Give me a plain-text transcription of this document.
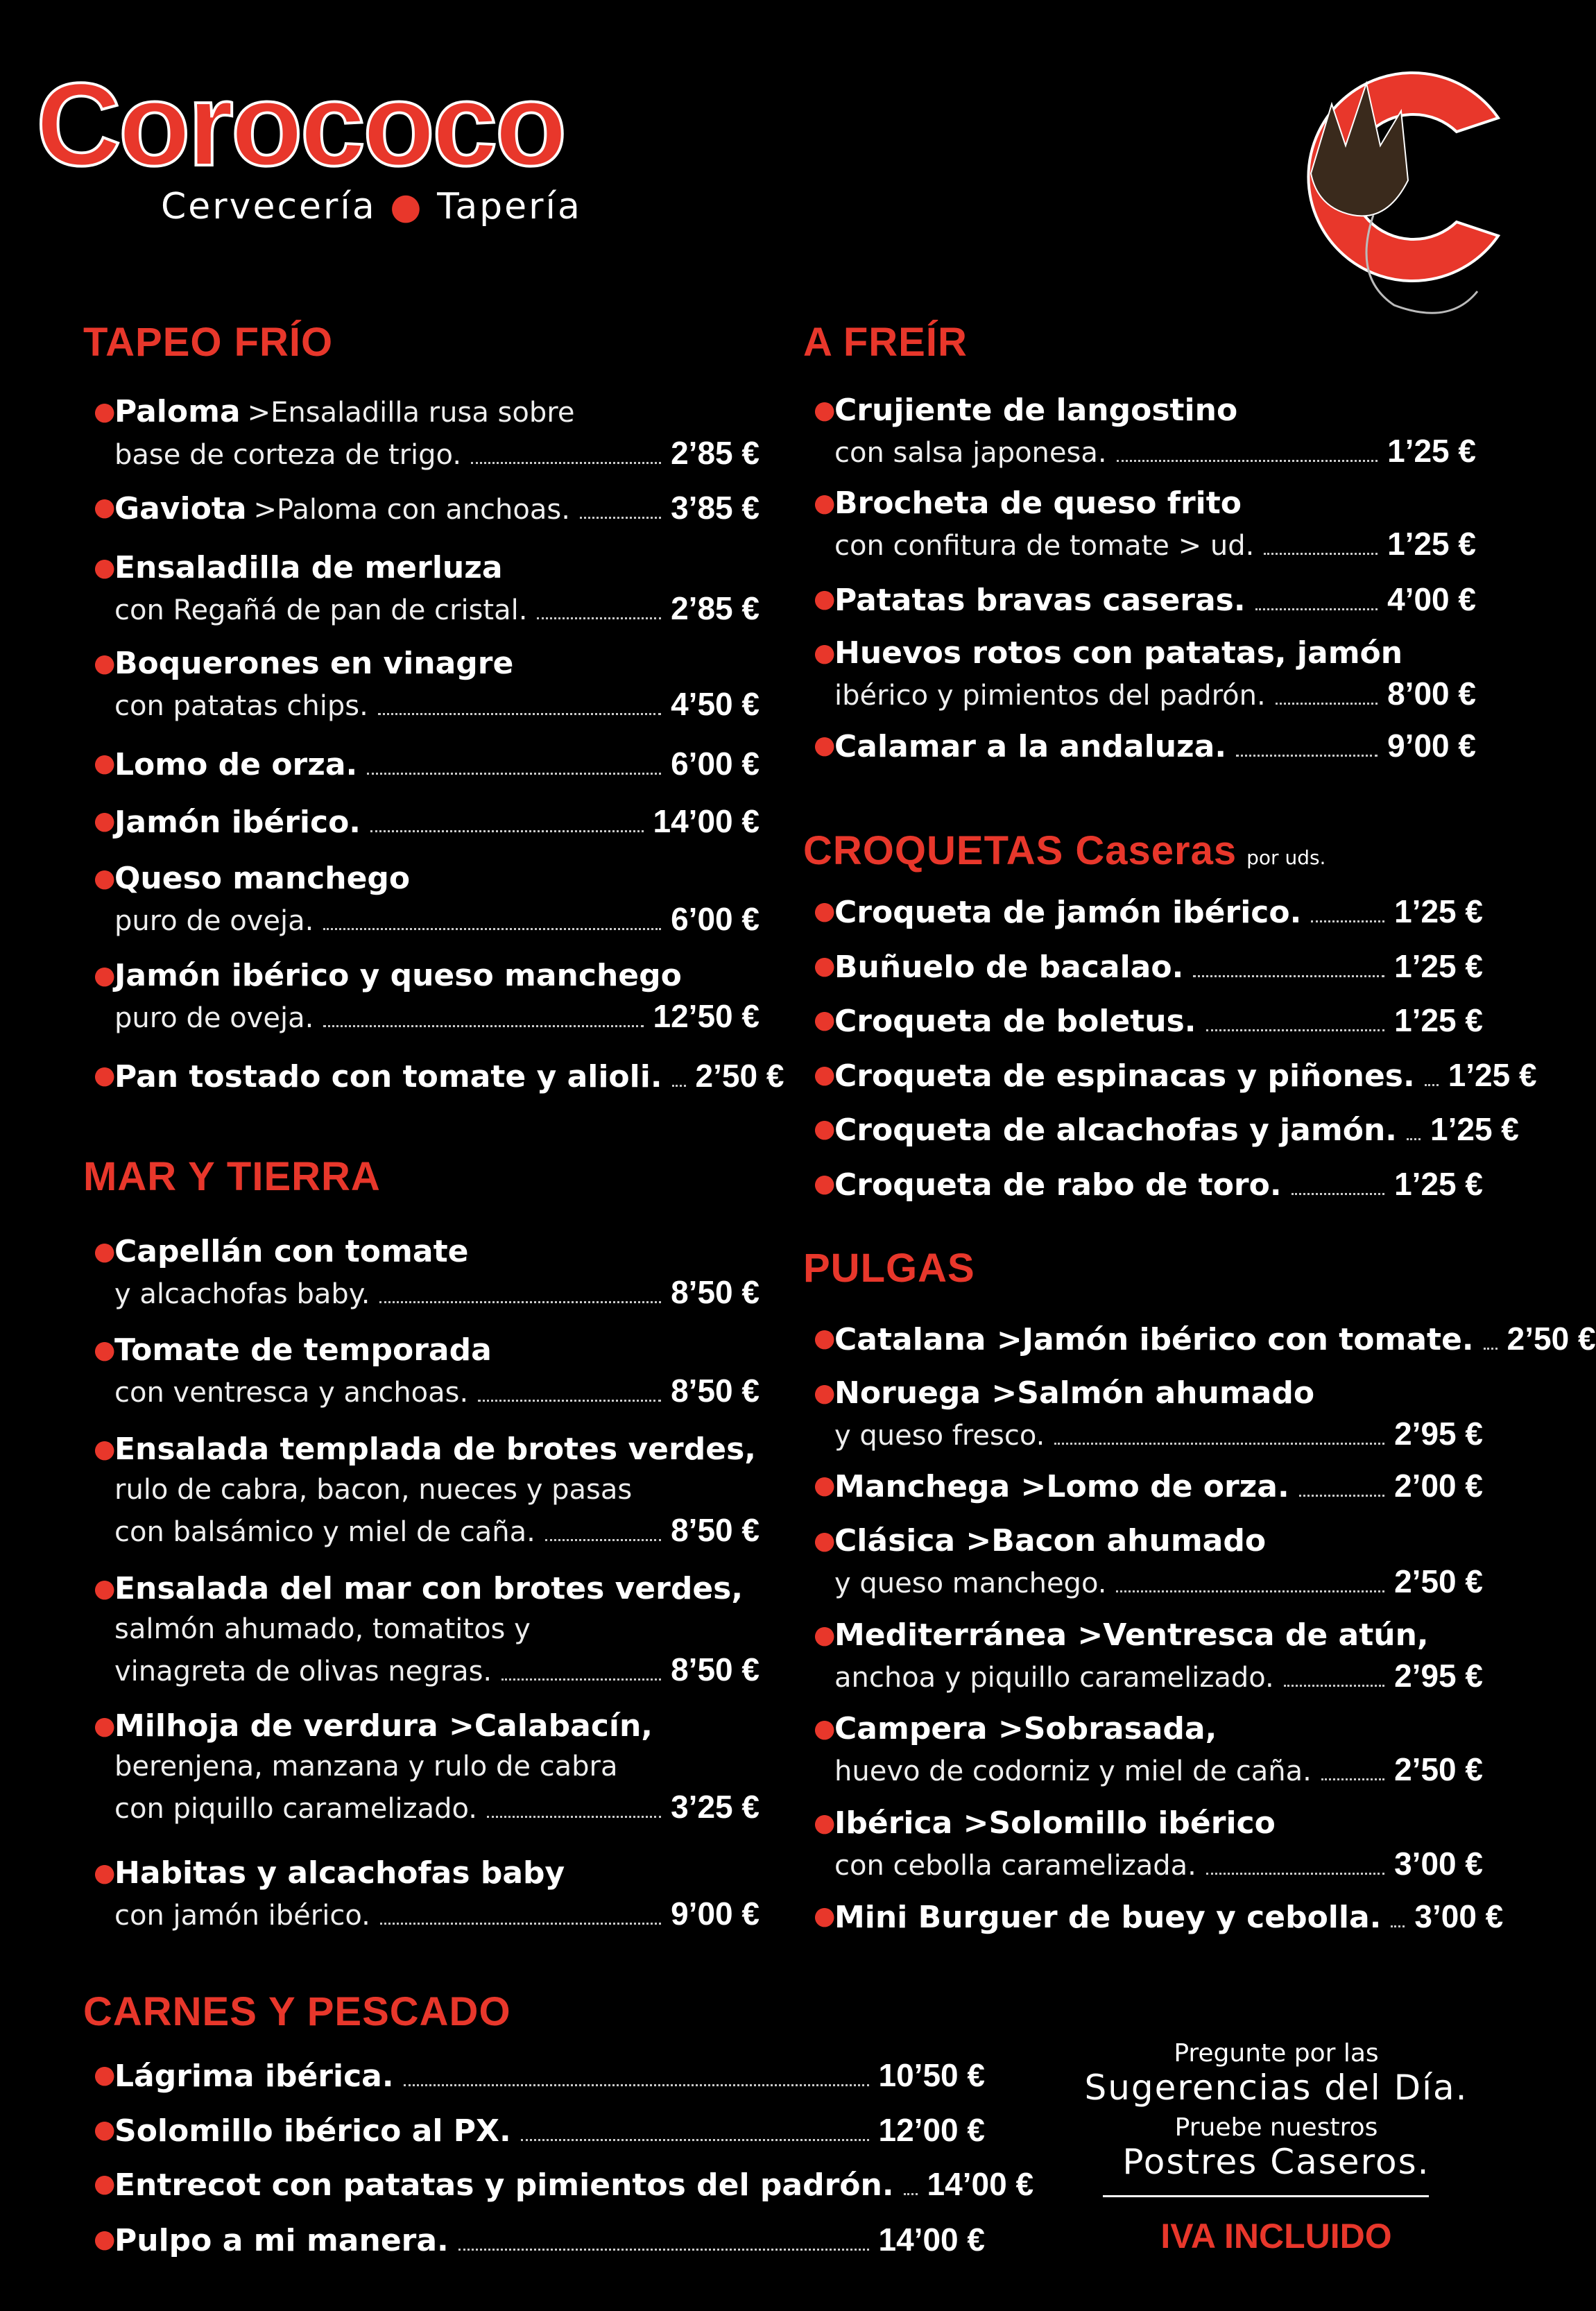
Corococo
Cervecería ● Tapería
TAPEO FRÍO
●
Paloma >Ensaladilla rusa sobre
base de corteza de trigo.	2’85 €
●
Gaviota >Paloma con anchoas.	3’85 €
●
Ensaladilla de merluza
con Regañá de pan de cristal.	2’85 €
●
Boquerones en vinagre
con patatas chips.	4’50 €
●
Lomo de orza.	6’00 €
●
Jamón ibérico.	14’00 €
●
Queso manchego
puro de oveja.	6’00 €
●
Jamón ibérico y queso manchego
puro de oveja.	12’50 €
●
Pan tostado con tomate y alioli. 2’50 €
MAR Y TIERRA
●
Capellán con tomate
y alcachofas baby.	8’50 €
●
Tomate de temporada
con ventresca y anchoas.	8’50 €
●
Ensalada templada de brotes verdes,
rulo de cabra, bacon, nueces y pasas
con balsámico y miel de caña.	8’50 €
●
Ensalada del mar con brotes verdes,
salmón ahumado, tomatitos y
vinagreta de olivas negras.	8’50 €
●
Milhoja de verdura >Calabacín,
berenjena, manzana y rulo de cabra
con piquillo caramelizado.	3’25 €
●
Habitas y alcachofas baby
con jamón ibérico.	9’00 €
CARNES Y PESCADO
●
Lágrima ibérica.	10’50 €
●
Solomillo ibérico al PX.	12’00 €
●
Entrecot con patatas y pimientos del padrón. 14’00 €
●
Pulpo a mi manera.	14’00 €
A FREÍR
●
Crujiente de langostino
con salsa japonesa.	1’25 €
●
Brocheta de queso frito
con confitura de tomate > ud.	1’25 €
●
Patatas bravas caseras.	4’00 €
●
Huevos rotos con patatas, jamón
ibérico y pimientos del padrón.	8’00 €
●
Calamar a la andaluza.	9’00 €
CROQUETAS Caseras por uds.
●
Croqueta de jamón ibérico.	1’25 €
●
Buñuelo de bacalao.	1’25 €
●
Croqueta de boletus.	1’25 €
●
Croqueta de espinacas y piñones. 1’25 €
●
Croqueta de alcachofas y jamón. 1’25 €
●
Croqueta de rabo de toro.	1’25 €
PULGAS
●
Catalana >Jamón ibérico con tomate. 2’50 €
●
Noruega >Salmón ahumado
y queso fresco.	2’95 €
●
Manchega >Lomo de orza.	2’00 €
●
Clásica >Bacon ahumado
y queso manchego.	2’50 €
●
Mediterránea >Ventresca de atún,
anchoa y piquillo caramelizado.	2’95 €
●
Campera >Sobrasada,
huevo de codorniz y miel de caña.	2’50 €
●
Ibérica >Solomillo ibérico
con cebolla caramelizada.	3’00 €
●
Mini Burguer de buey y cebolla. 3’00 €
Pregunte por las
Sugerencias del Día.
Pruebe nuestros
Postres Caseros.
IVA INCLUIDO
